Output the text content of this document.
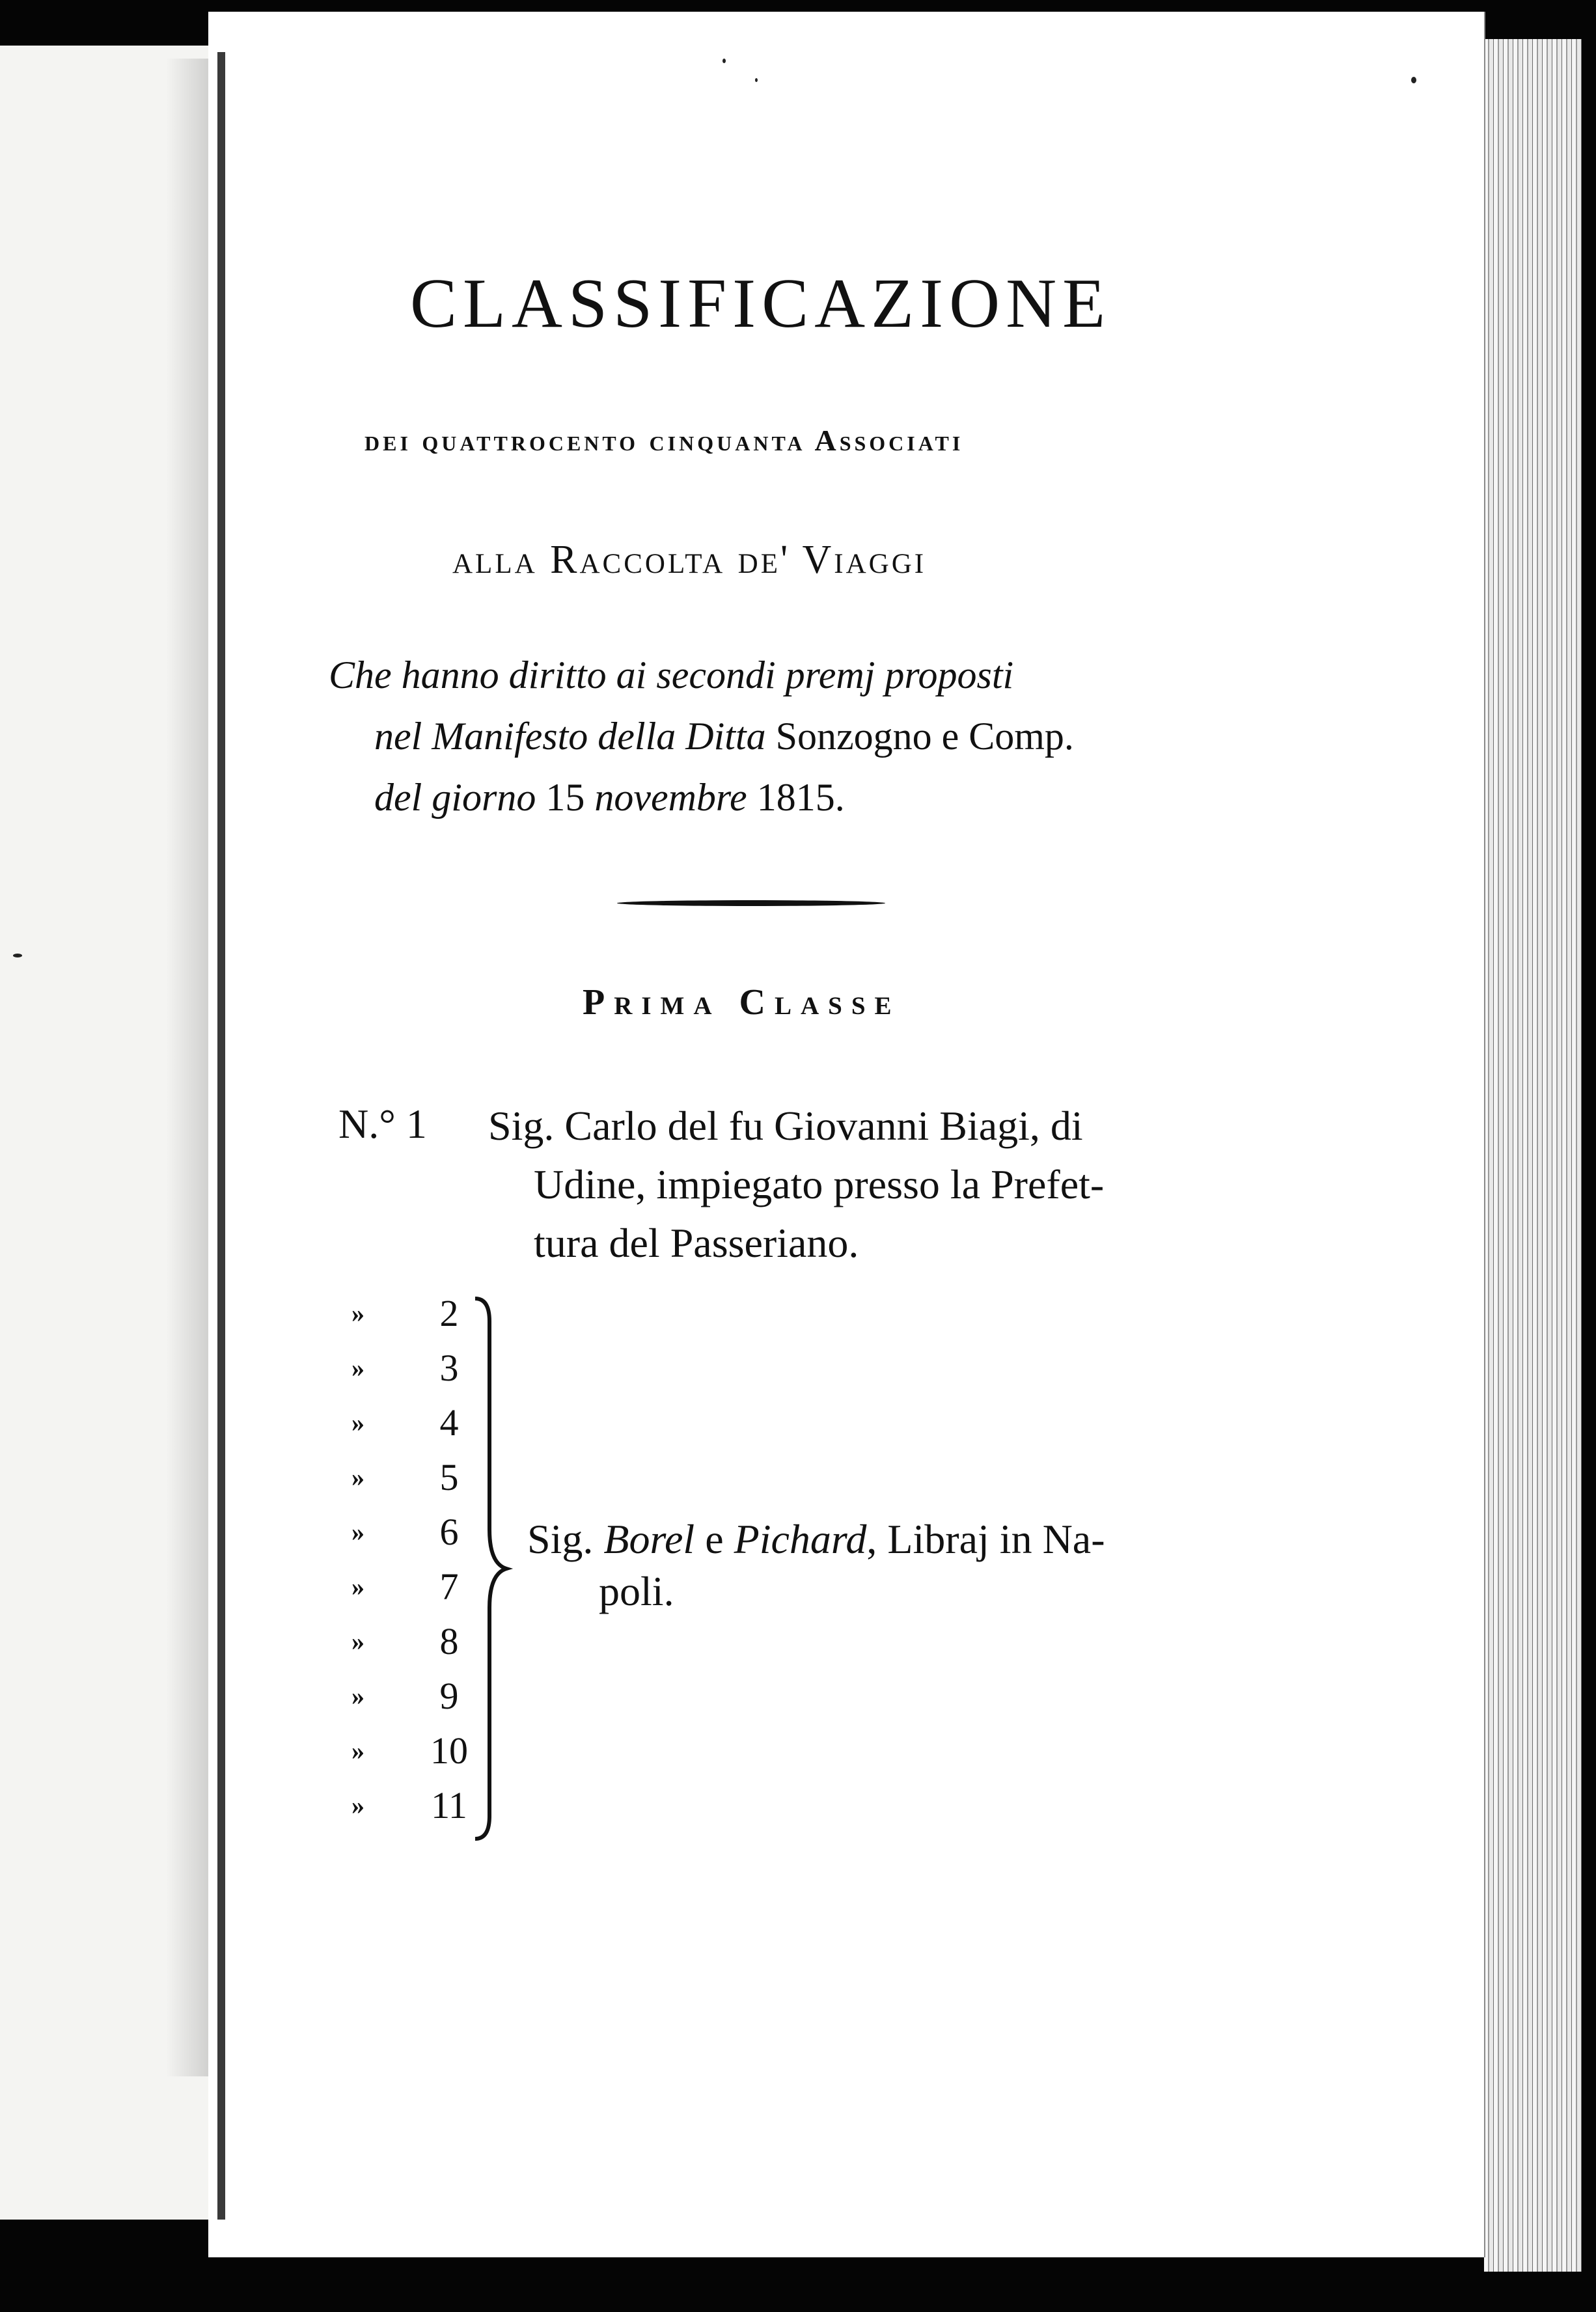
CLASSIFICAZIONE
dei quattrocento cinquanta Associati
alla Raccolta de' Viaggi
Che hanno diritto ai secondi premj proposti
nel Manifesto della Ditta Sonzogno e Comp.
del giorno 15 novembre 1815.
Prima Classe
N.° 1 Sig. Carlo del fu Giovanni Biagi, di
Udine, impiegato presso la Prefet-
tura del Passeriano.
»	2
»	3
»	4
»	5
»	6
»	7
»	8
»	9
»	10
»	11
Sig. Borel e Pichard, Libraj in Na-
poli.
